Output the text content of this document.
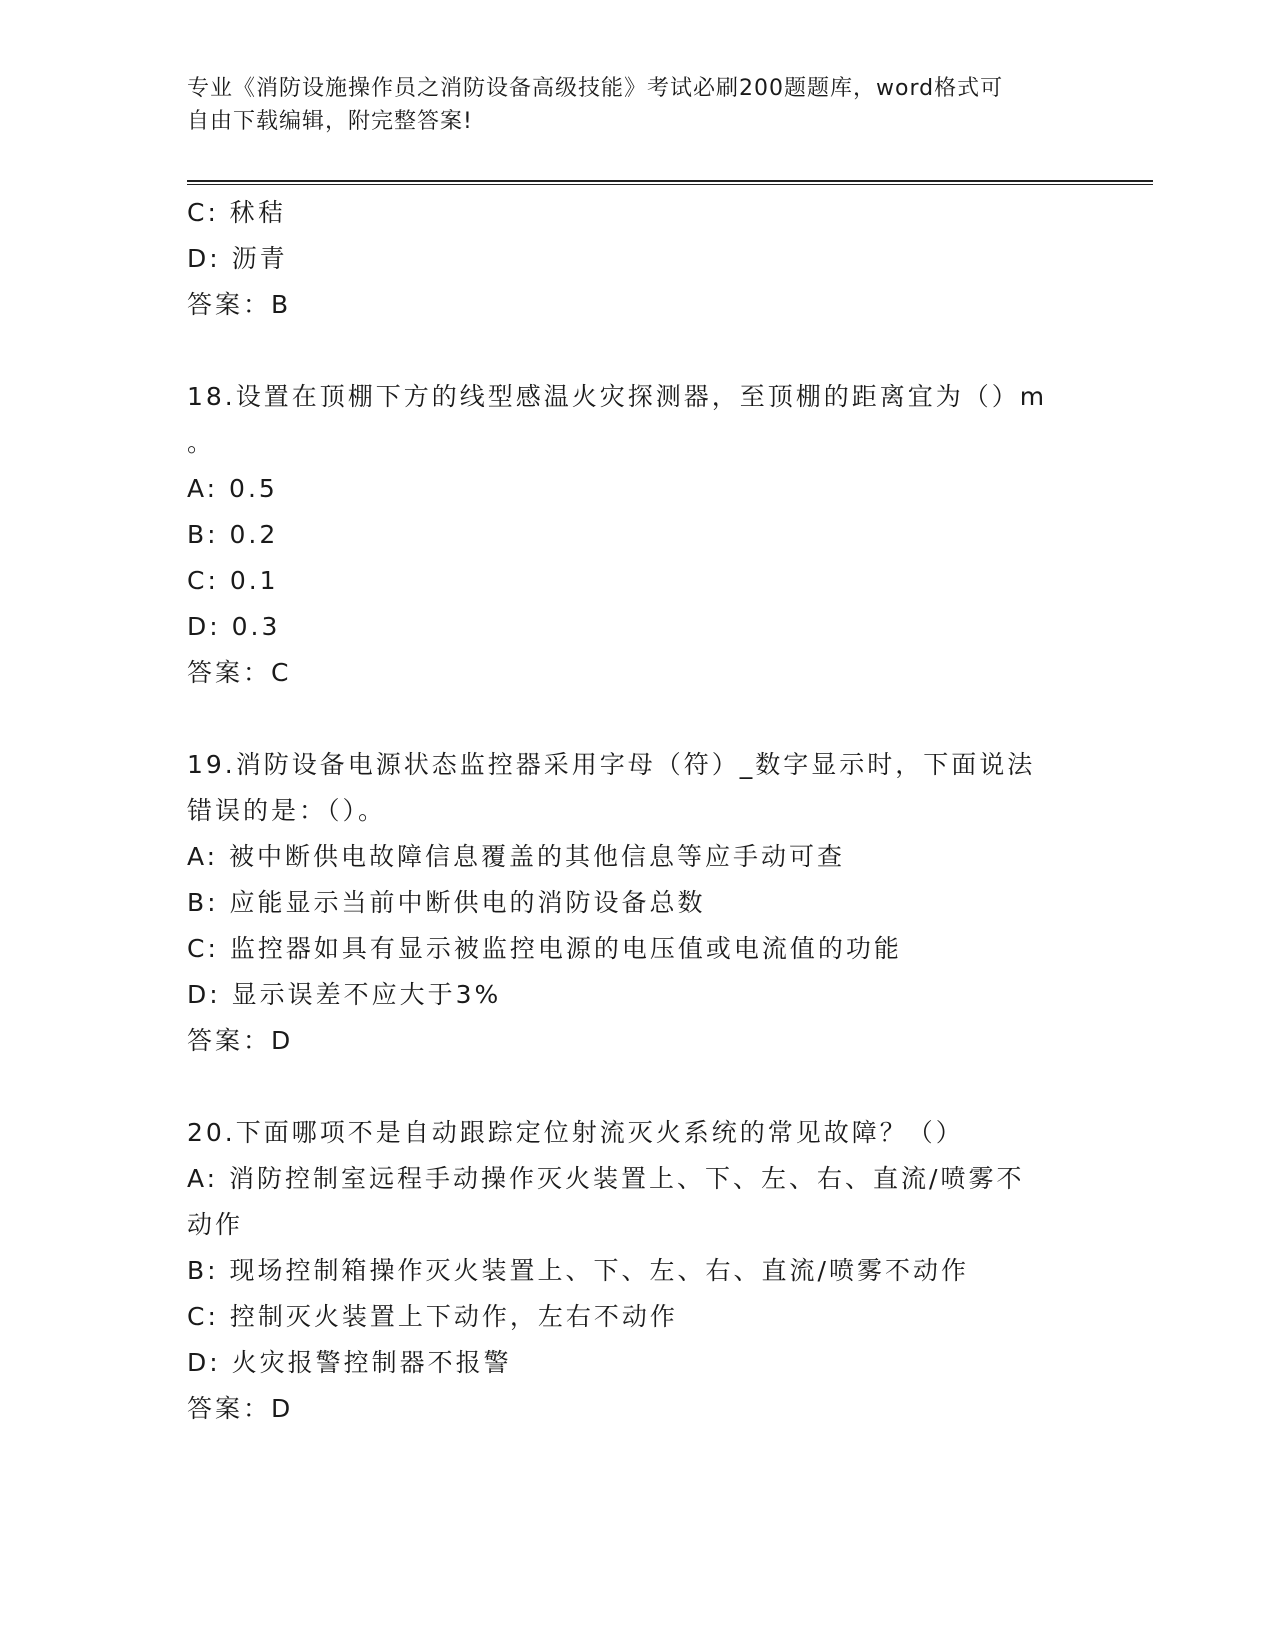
专业《消防设施操作员之消防设备高级技能》考试必刷200题题库，word格式可
自由下载编辑，附完整答案!
C: 秫秸
D: 沥青
答案：B
18.设置在顶棚下方的线型感温火灾探测器，至顶棚的距离宜为（）m
。
A: 0.5
B: 0.2
C: 0.1
D: 0.3
答案：C
19.消防设备电源状态监控器采用字母（符）_数字显示时，下面说法
错误的是：（）。
A: 被中断供电故障信息覆盖的其他信息等应手动可查
B: 应能显示当前中断供电的消防设备总数
C: 监控器如具有显示被监控电源的电压值或电流值的功能
D: 显示误差不应大于3%
答案：D
20.下面哪项不是自动跟踪定位射流灭火系统的常见故障？（）
A: 消防控制室远程手动操作灭火装置上、下、左、右、直流/喷雾不
动作
B: 现场控制箱操作灭火装置上、下、左、右、直流/喷雾不动作
C: 控制灭火装置上下动作，左右不动作
D: 火灾报警控制器不报警
答案：D
